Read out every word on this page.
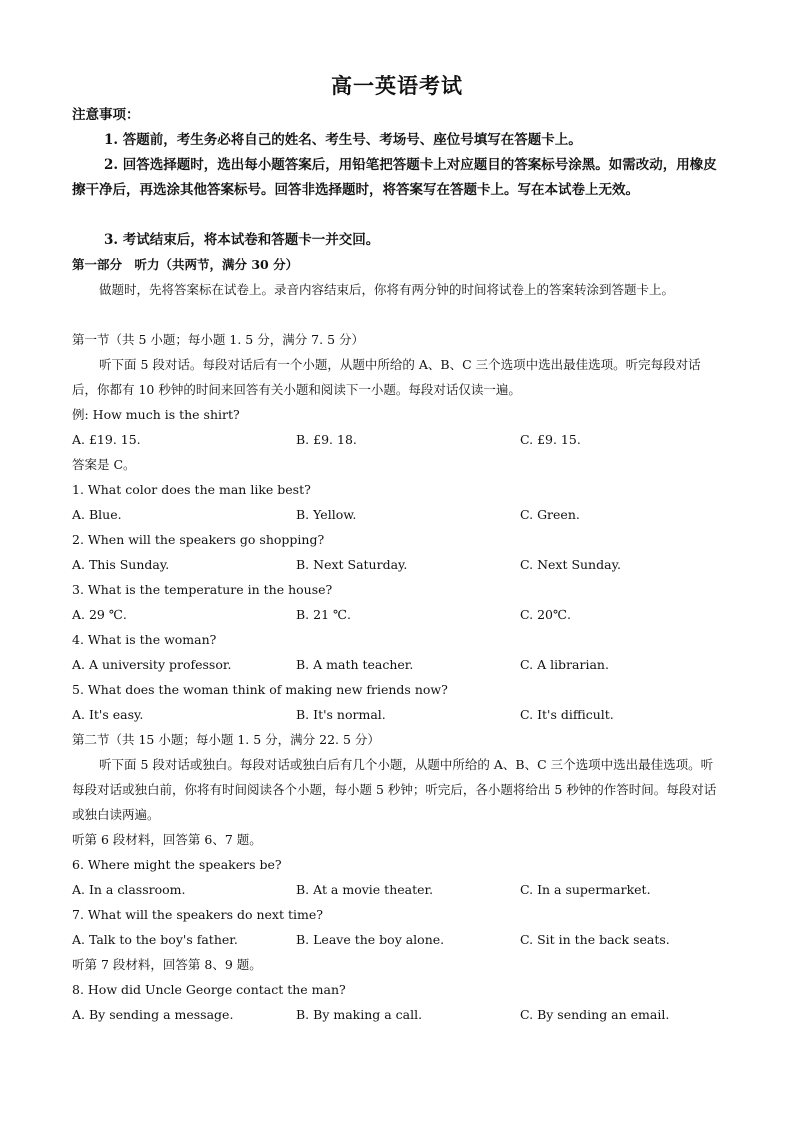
高一英语考试
注意事项：
1. 答题前，考生务必将自己的姓名、考生号、考场号、座位号填写在答题卡上。
2. 回答选择题时，选出每小题答案后，用铅笔把答题卡上对应题目的答案标号涂黑。如需改动，用橡皮擦干净后，再选涂其他答案标号。回答非选择题时，将答案写在答题卡上。写在本试卷上无效。
3. 考试结束后，将本试卷和答题卡一并交回。
第一部分　听力（共两节，满分 30 分）
做题时，先将答案标在试卷上。录音内容结束后，你将有两分钟的时间将试卷上的答案转涂到答题卡上。
第一节（共 5 小题；每小题 1. 5 分，满分 7. 5 分）
听下面 5 段对话。每段对话后有一个小题，从题中所给的 A、B、C 三个选项中选出最佳选项。听完每段对话后，你都有 10 秒钟的时间来回答有关小题和阅读下一小题。每段对话仅读一遍。
例: How much is the shirt?
A. £19. 15.	B. £9. 18.	C. £9. 15.
答案是 C。
1. What color does the man like best?
A. Blue.	B. Yellow.	C. Green.
2. When will the speakers go shopping?
A. This Sunday.	B. Next Saturday.	C. Next Sunday.
3. What is the temperature in the house?
A. 29 ℃.	B. 21 ℃.	C. 20℃.
4. What is the woman?
A. A university professor.	B. A math teacher.	C. A librarian.
5. What does the woman think of making new friends now?
A. It's easy.	B. It's normal.	C. It's difficult.
第二节（共 15 小题；每小题 1. 5 分，满分 22. 5 分）
听下面 5 段对话或独白。每段对话或独白后有几个小题，从题中所给的 A、B、C 三个选项中选出最佳选项。听每段对话或独白前，你将有时间阅读各个小题，每小题 5 秒钟；听完后，各小题将给出 5 秒钟的作答时间。每段对话或独白读两遍。
听第 6 段材料，回答第 6、7 题。
6. Where might the speakers be?
A. In a classroom.	B. At a movie theater.	C. In a supermarket.
7. What will the speakers do next time?
A. Talk to the boy's father.	B. Leave the boy alone.	C. Sit in the back seats.
听第 7 段材料，回答第 8、9 题。
8. How did Uncle George contact the man?
A. By sending a message.	B. By making a call.	C. By sending an email.
